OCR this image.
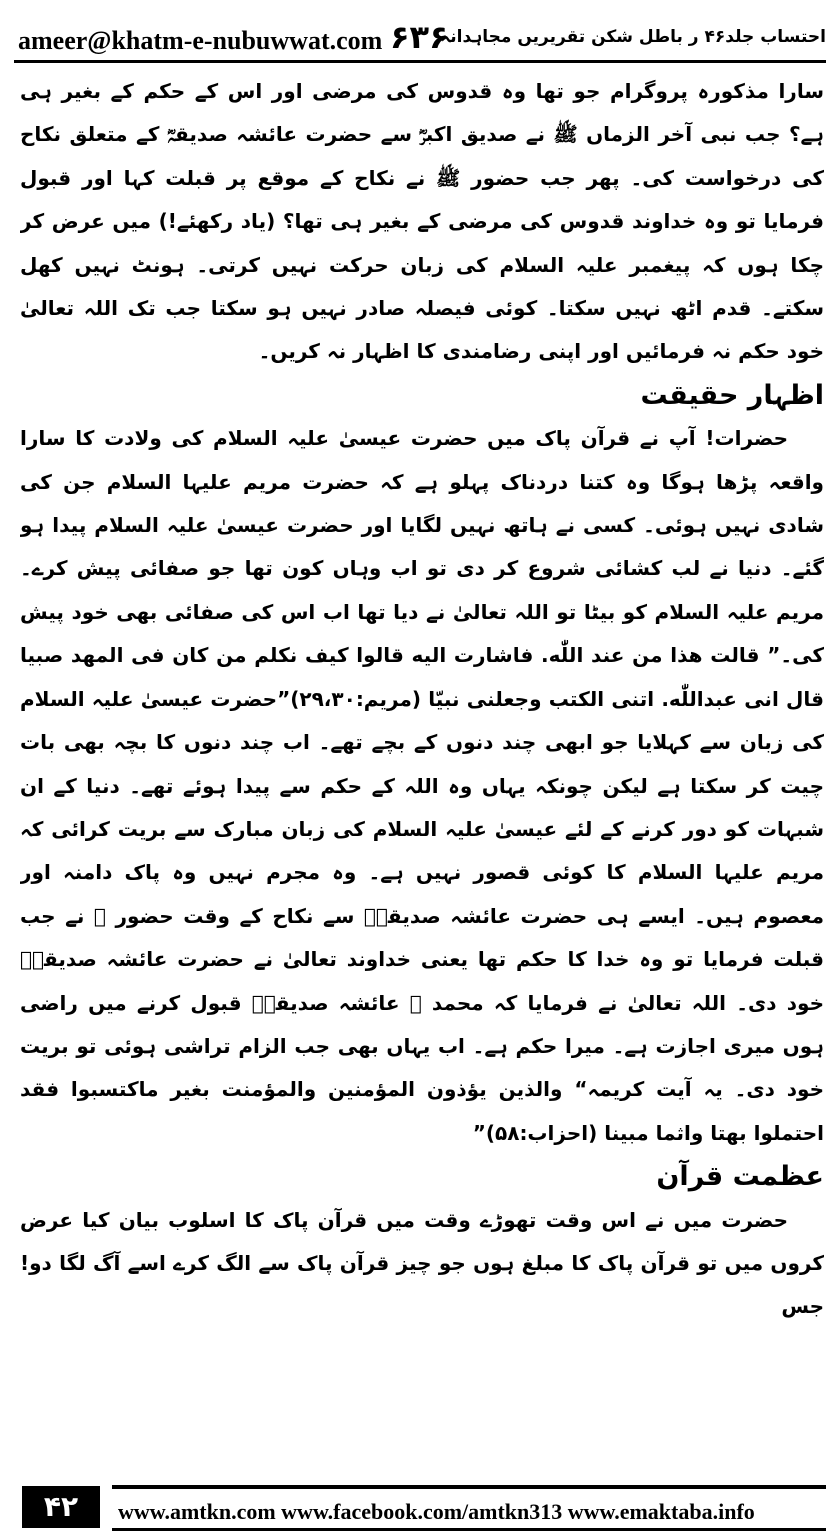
ameer@khatm-e-nubuwwat.com ۶۳۶
احتساب جلد۴۶ ر باطل شکن تقریریں مجاہدانہ

سارا مذکورہ پروگرام جو تھا وہ قدوس کی مرضی اور اس کے حکم کے بغیر ہی ہے؟ جب نبی آخر الزماں ﷺ نے صدیق اکبرؓ سے حضرت عائشہ صدیقہؓ کے متعلق نکاح کی درخواست کی۔ پھر جب حضور ﷺ نے نکاح کے موقع پر قبلت کہا اور قبول فرمایا تو وہ خداوند قدوس کی مرضی کے بغیر ہی تھا؟ (یاد رکھئے!) میں عرض کر چکا ہوں کہ پیغمبر علیہ السلام کی زبان حرکت نہیں کرتی۔ ہونٹ نہیں کھل سکتے۔ قدم اٹھ نہیں سکتا۔ کوئی فیصلہ صادر نہیں ہو سکتا جب تک اللہ تعالیٰ خود حکم نہ فرمائیں اور اپنی رضامندی کا اظہار نہ کریں۔

اظہار حقیقت

حضرات! آپ نے قرآن پاک میں حضرت عیسیٰ علیہ السلام کی ولادت کا سارا واقعہ پڑھا ہوگا وہ کتنا دردناک پہلو ہے کہ حضرت مریم علیہا السلام جن کی شادی نہیں ہوئی۔ کسی نے ہاتھ نہیں لگایا اور حضرت عیسیٰ علیہ السلام پیدا ہو گئے۔ دنیا نے لب کشائی شروع کر دی تو اب وہاں کون تھا جو صفائی پیش کرے۔ مریم علیہ السلام کو بیٹا تو اللہ تعالیٰ نے دیا تھا اب اس کی صفائی بھی خود پیش کی۔” قالت هذا من عند اللّٰه. فاشارت اليه قالوا كيف نكلم من كان فى المهد صبيا قال انى عبداللّٰه. اتنى الكتب وجعلنى نبيّا (مریم:۲۹،۳۰)”حضرت عیسیٰ علیہ السلام کی زبان سے کہلایا جو ابھی چند دنوں کے بچے تھے۔ اب چند دنوں کا بچہ بھی بات چیت کر سکتا ہے لیکن چونکہ یہاں وہ اللہ کے حکم سے پیدا ہوئے تھے۔ دنیا کے ان شبہات کو دور کرنے کے لئے عیسیٰ علیہ السلام کی زبان مبارک سے بریت کرائی کہ مریم علیہا السلام کا کوئی قصور نہیں ہے۔ وہ مجرم نہیں وہ پاک دامنہ اور معصوم ہیں۔ ایسے ہی حضرت عائشہ صدیقہؓ سے نکاح کے وقت حضور ﷺ نے جب قبلت فرمایا تو وہ خدا کا حکم تھا یعنی خداوند تعالیٰ نے حضرت عائشہ صدیقہؓ خود دی۔ اللہ تعالیٰ نے فرمایا کہ محمد ﷺ عائشہ صدیقہؓ قبول کرنے میں راضی ہوں میری اجازت ہے۔ میرا حکم ہے۔ اب یہاں بھی جب الزام تراشی ہوئی تو بریت خود دی۔ یہ آیت کریمہ“ والذين يؤذون المؤمنين والمؤمنت بغير ماكتسبوا فقد احتملوا بهتا واثما مبينا (احزاب:۵۸)”

عظمت قرآن

حضرت میں نے اس وقت تھوڑے وقت میں قرآن پاک کا اسلوب بیان کیا عرض کروں میں تو قرآن پاک کا مبلغ ہوں جو چیز قرآن پاک سے الگ کرے اسے آگ لگا دو! جس

۴۲	www.amtkn.com www.facebook.com/amtkn313 www.emaktaba.info
